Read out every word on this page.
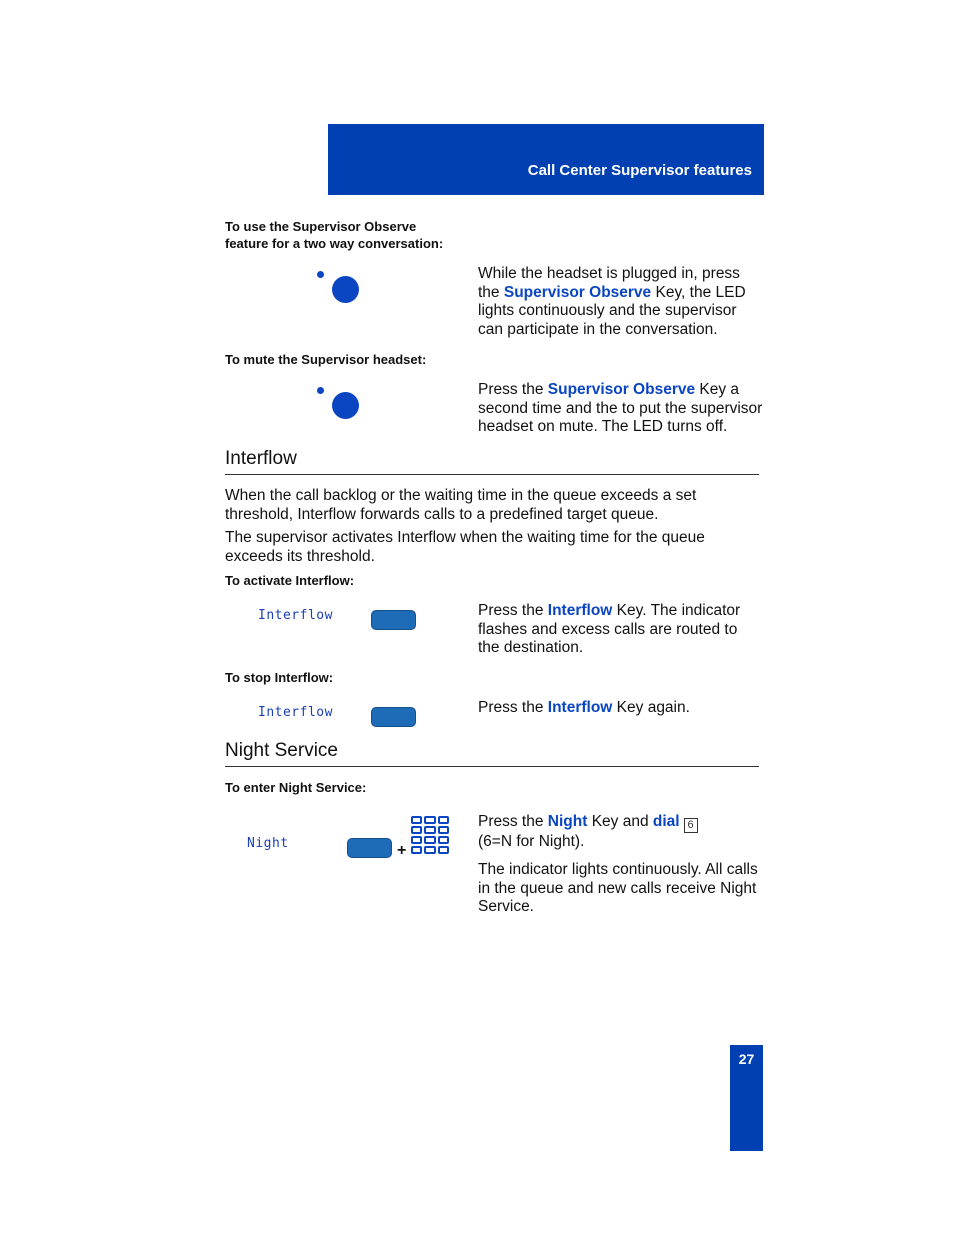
Call Center Supervisor features
To use the Supervisor Observe
feature for a two way conversation:
While the headset is plugged in, press the Supervisor Observe Key, the LED lights continuously and the supervisor can participate in the conversation.
To mute the Supervisor headset:
Press the Supervisor Observe Key a second time and the to put the supervisor headset on mute. The LED turns off.
Interflow
When the call backlog or the waiting time in the queue exceeds a set threshold, Interflow forwards calls to a predefined target queue.
The supervisor activates Interflow when the waiting time for the queue exceeds its threshold.
To activate Interflow:
Interflow	Press the Interflow Key. The indicator flashes and excess calls are routed to the destination.
To stop Interflow:
Interflow	Press the Interflow Key again.
Night Service
To enter Night Service:
Night	+
Press the Night Key and dial 6
(6=N for Night).
The indicator lights continuously. All calls in the queue and new calls receive Night Service.
27
